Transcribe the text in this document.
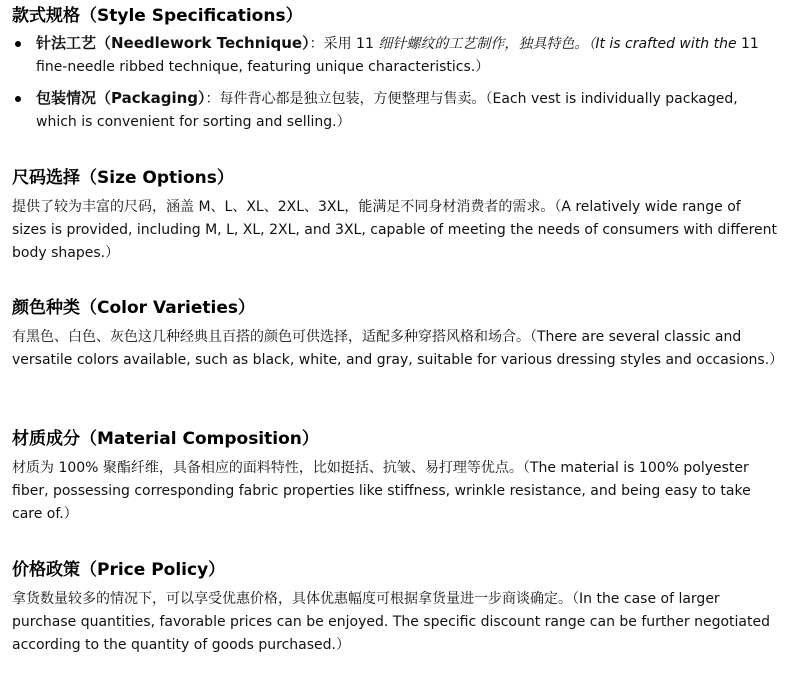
款式规格（Style Specifications）
针法工艺（Needlework Technique）：采用 11 细针螺纹的工艺制作，独具特色。（It is crafted with the 11 fine-needle ribbed technique, featuring unique characteristics.）
包装情况（Packaging）：每件背心都是独立包装，方便整理与售卖。（Each vest is individually packaged, which is convenient for sorting and selling.）
尺码选择（Size Options）

提供了较为丰富的尺码，涵盖 M、L、XL、2XL、3XL，能满足不同身材消费者的需求。（A relatively wide range of sizes is provided, including M, L, XL, 2XL, and 3XL, capable of meeting the needs of consumers with different body shapes.）

颜色种类（Color Varieties）

有黑色、白色、灰色这几种经典且百搭的颜色可供选择，适配多种穿搭风格和场合。（There are several classic and versatile colors available, such as black, white, and gray, suitable for various dressing styles and occasions.）

材质成分（Material Composition）

材质为 100% 聚酯纤维，具备相应的面料特性，比如挺括、抗皱、易打理等优点。（The material is 100% polyester fiber, possessing corresponding fabric properties like stiffness, wrinkle resistance, and being easy to take care of.）

价格政策（Price Policy）

拿货数量较多的情况下，可以享受优惠价格，具体优惠幅度可根据拿货量进一步商谈确定。（In the case of larger purchase quantities, favorable prices can be enjoyed. The specific discount range can be further negotiated according to the quantity of goods purchased.）
